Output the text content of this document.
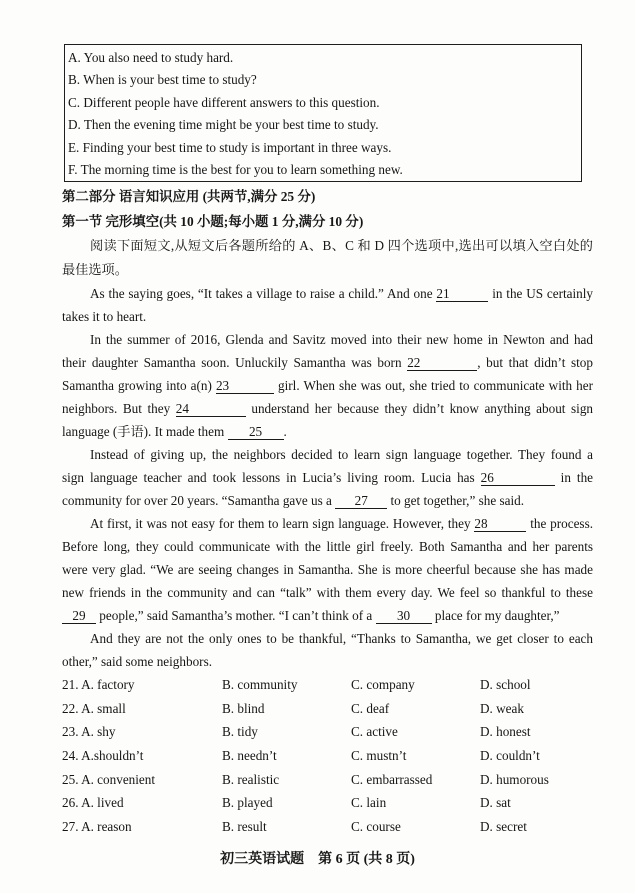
A. You also need to study hard.
B. When is your best time to study?
C. Different people have different answers to this question.
D. Then the evening time might be your best time to study.
E. Finding your best time to study is important in three ways.
F. The morning time is the best for you to learn something new.
第二部分 语言知识应用 (共两节,满分 25 分)
第一节 完形填空(共 10 小题;每小题 1 分,满分 10 分)
阅读下面短文,从短文后各题所给的 A、B、C 和 D 四个选项中,选出可以填入空白处的
最佳选项。
As the saying goes, “It takes a village to raise a child.” And one 21	in the US certainly
takes it to heart.
In the summer of 2016, Glenda and Savitz moved into their new home in Newton and had
their daughter Samantha soon. Unluckily Samantha was born 22	, but that didn’t stop
Samantha growing into a(n) 23	girl. When she was out, she tried to communicate with her
neighbors. But they 24	understand her because they didn’t know anything about sign
language (手语). It made them 25 .
Instead of giving up, the neighbors decided to learn sign language together. They found a
sign language teacher and took lessons in Lucia’s living room. Lucia has 26	in the
community for over 20 years. “Samantha gave us a 27 to get together,” she said.
At first, it was not easy for them to learn sign language. However, they 28	the process.
Before long, they could communicate with the little girl freely. Both Samantha and her parents
were very glad. “We are seeing changes in Samantha. She is more cheerful because she has made
new friends in the community and can “talk” with them every day. We feel so thankful to these
29 people,” said Samantha’s mother. “I can’t think of a 30 place for my daughter,”
And they are not the only ones to be thankful, “Thanks to Samantha, we get closer to each
other,” said some neighbors.
21. A. factory	B. community	C. company	D. school
22. A. small	B. blind	C. deaf	D. weak
23. A. shy	B. tidy	C. active	D. honest
24. A.shouldn’t	B. needn’t	C. mustn’t	D. couldn’t
25. A. convenient	B. realistic	C. embarrassed	D. humorous
26. A. lived	B. played	C. lain	D. sat
27. A. reason	B. result	C. course	D. secret
初三英语试题 第 6 页 (共 8 页)
